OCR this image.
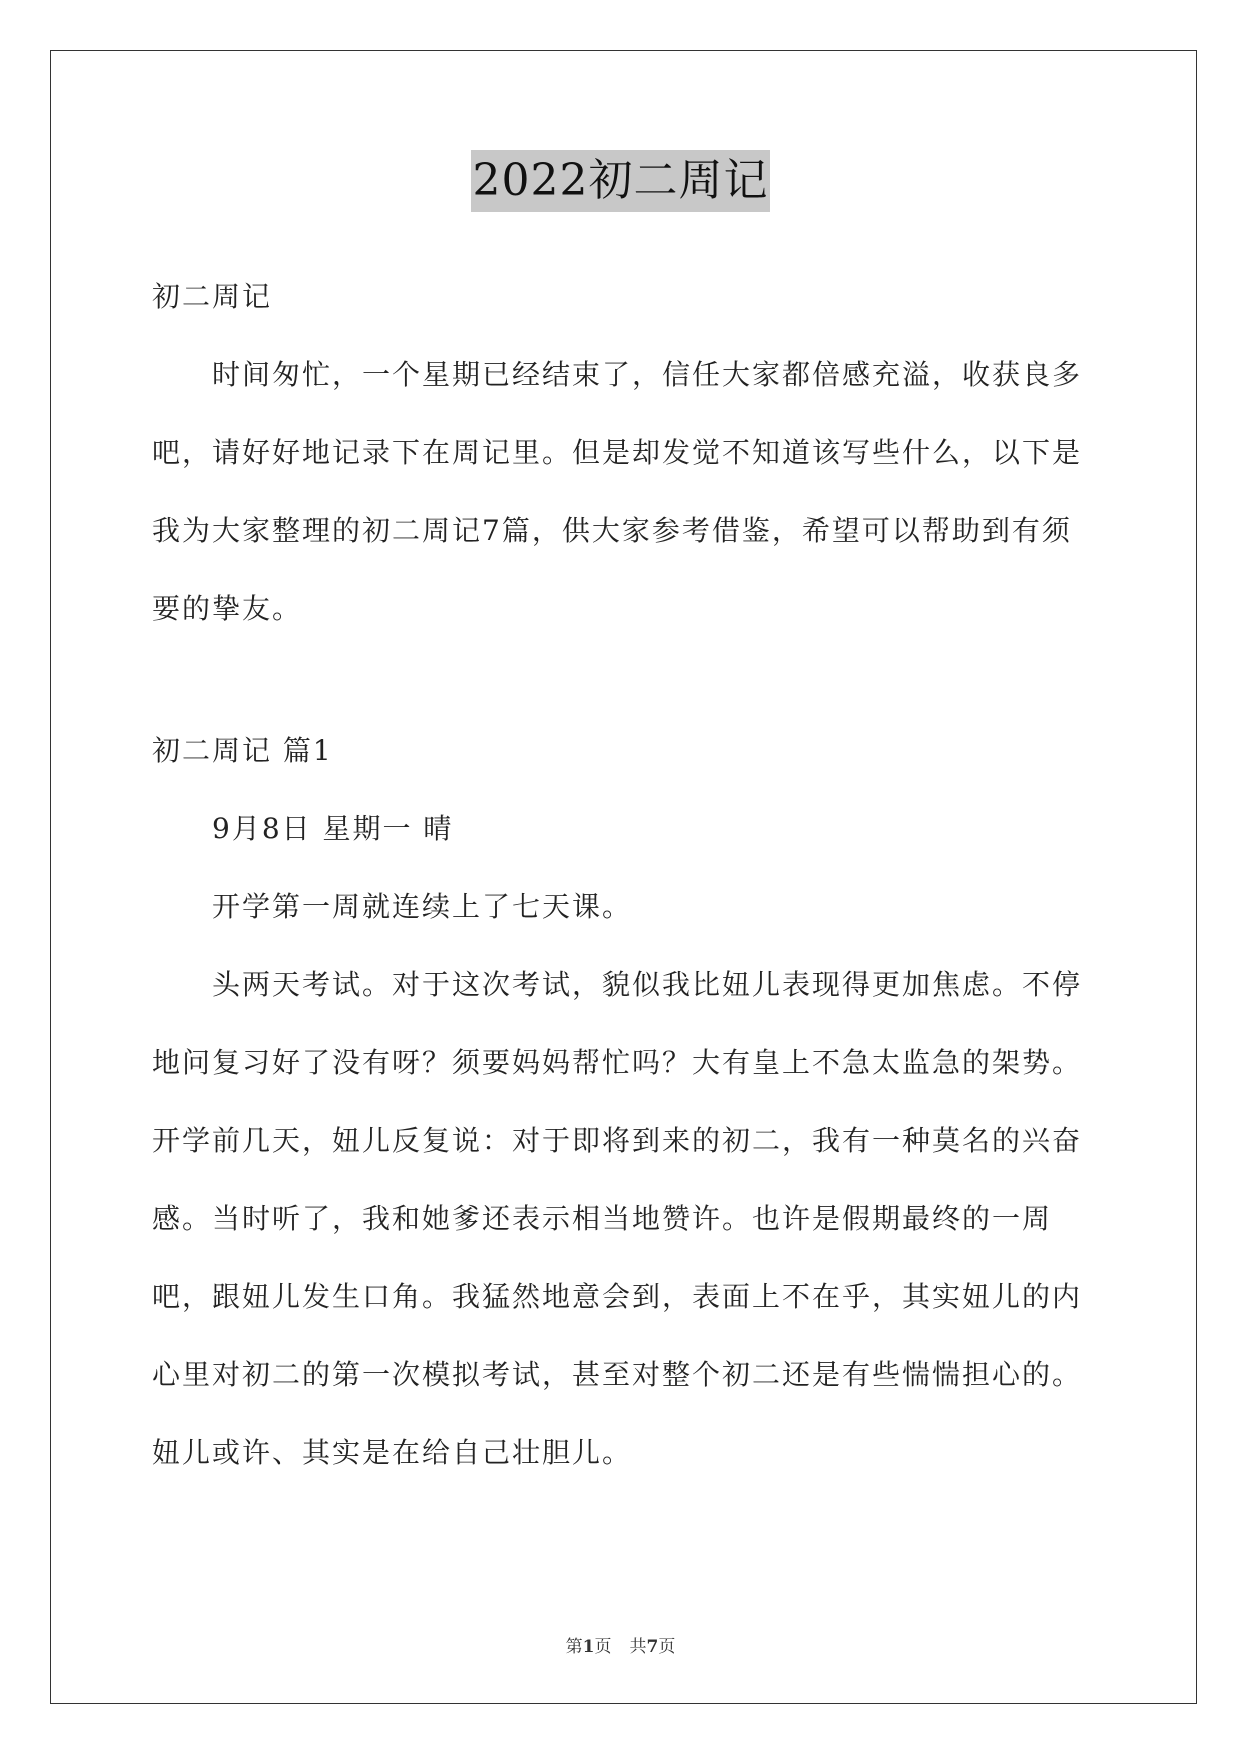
2022初二周记

初二周记

时间匆忙，一个星期已经结束了，信任大家都倍感充溢，收获良多吧，请好好地记录下在周记里。但是却发觉不知道该写些什么，以下是我为大家整理的初二周记7篇，供大家参考借鉴，希望可以帮助到有须要的挚友。

初二周记 篇1

9月8日 星期一 晴

开学第一周就连续上了七天课。

头两天考试。对于这次考试，貌似我比妞儿表现得更加焦虑。不停地问复习好了没有呀？须要妈妈帮忙吗？大有皇上不急太监急的架势。开学前几天，妞儿反复说：对于即将到来的初二，我有一种莫名的兴奋感。当时听了，我和她爹还表示相当地赞许。也许是假期最终的一周吧，跟妞儿发生口角。我猛然地意会到，表面上不在乎，其实妞儿的内心里对初二的第一次模拟考试，甚至对整个初二还是有些惴惴担心的。妞儿或许、其实是在给自己壮胆儿。

第1页 共7页
